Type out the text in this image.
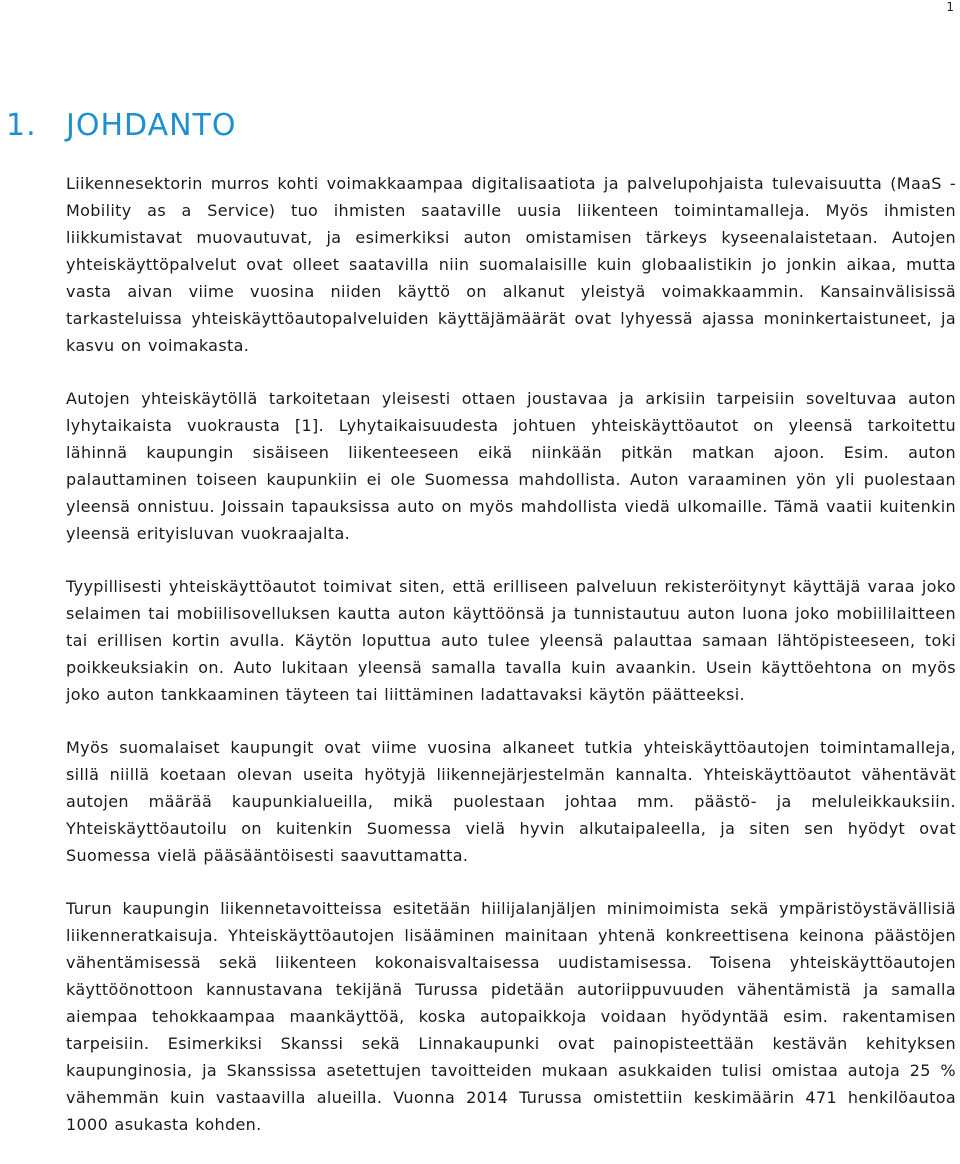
1
1. JOHDANTO

Liikennesektorin murros kohti voimakkaampaa digitalisaatiota ja palvelupohjaista tulevaisuutta (MaaS - Mobility as a Service) tuo ihmisten saataville uusia liikenteen toimintamalleja. Myös ihmisten liikkumistavat muovautuvat, ja esimerkiksi auton omistamisen tärkeys kyseenalaistetaan. Autojen yhteiskäyttöpalvelut ovat olleet saatavilla niin suomalaisille kuin globaalistikin jo jonkin aikaa, mutta vasta aivan viime vuosina niiden käyttö on alkanut yleistyä voimakkaammin. Kansainvälisissä tarkasteluissa yhteiskäyttöautopalveluiden käyttäjämäärät ovat lyhyessä ajassa moninkertaistuneet, ja kasvu on voimakasta.

Autojen yhteiskäytöllä tarkoitetaan yleisesti ottaen joustavaa ja arkisiin tarpeisiin soveltuvaa auton lyhytaikaista vuokrausta [1]. Lyhytaikaisuudesta johtuen yhteiskäyttöautot on yleensä tarkoitettu lähinnä kaupungin sisäiseen liikenteeseen eikä niinkään pitkän matkan ajoon. Esim. auton palauttaminen toiseen kaupunkiin ei ole Suomessa mahdollista. Auton varaaminen yön yli puolestaan yleensä onnistuu. Joissain tapauksissa auto on myös mahdollista viedä ulkomaille. Tämä vaatii kuitenkin yleensä erityisluvan vuokraajalta.

Tyypillisesti yhteiskäyttöautot toimivat siten, että erilliseen palveluun rekisteröitynyt käyttäjä varaa joko selaimen tai mobiilisovelluksen kautta auton käyttöönsä ja tunnistautuu auton luona joko mobiililaitteen tai erillisen kortin avulla. Käytön loputtua auto tulee yleensä palauttaa samaan lähtöpisteeseen, toki poikkeuksiakin on. Auto lukitaan yleensä samalla tavalla kuin avaankin. Usein käyttöehtona on myös joko auton tankkaaminen täyteen tai liittäminen ladattavaksi käytön päätteeksi.

Myös suomalaiset kaupungit ovat viime vuosina alkaneet tutkia yhteiskäyttöautojen toimintamalleja, sillä niillä koetaan olevan useita hyötyjä liikennejärjestelmän kannalta. Yhteiskäyttöautot vähentävät autojen määrää kaupunkialueilla, mikä puolestaan johtaa mm. päästö- ja meluleikkauksiin. Yhteiskäyttöautoilu on kuitenkin Suomessa vielä hyvin alkutaipaleella, ja siten sen hyödyt ovat Suomessa vielä pääsääntöisesti saavuttamatta.

Turun kaupungin liikennetavoitteissa esitetään hiilijalanjäljen minimoimista sekä ympäristöystävällisiä liikenneratkaisuja. Yhteiskäyttöautojen lisääminen mainitaan yhtenä konkreettisena keinona päästöjen vähentämisessä sekä liikenteen kokonaisvaltaisessa uudistamisessa. Toisena yhteiskäyttöautojen käyttöönottoon kannustavana tekijänä Turussa pidetään autoriippuvuuden vähentämistä ja samalla aiempaa tehokkaampaa maankäyttöä, koska autopaikkoja voidaan hyödyntää esim. rakentamisen tarpeisiin. Esimerkiksi Skanssi sekä Linnakaupunki ovat painopisteettään kestävän kehityksen kaupunginosia, ja Skanssissa asetettujen tavoitteiden mukaan asukkaiden tulisi omistaa autoja 25 % vähemmän kuin vastaavilla alueilla. Vuonna 2014 Turussa omistettiin keskimäärin 471 henkilöautoa 1000 asukasta kohden.
